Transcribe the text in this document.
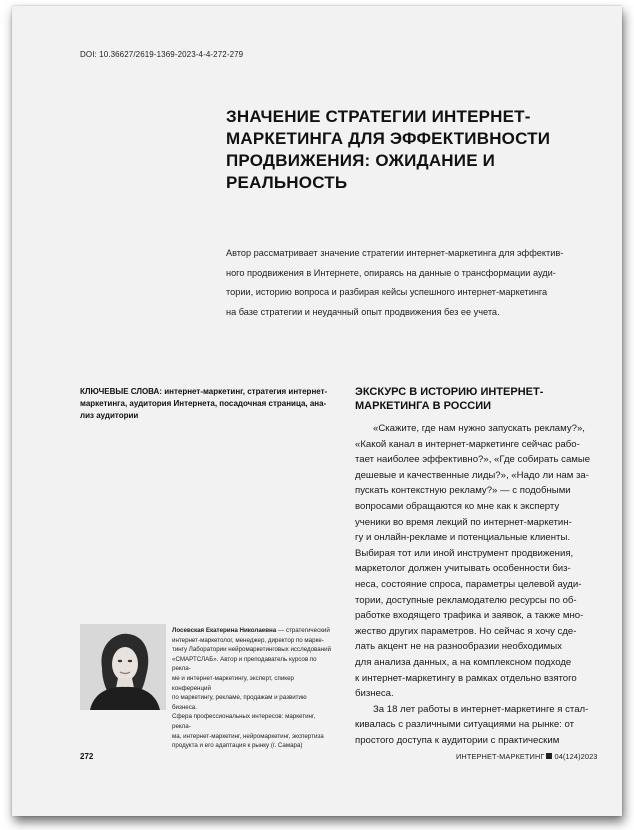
DOI: 10.36627/2619-1369-2023-4-4-272-279
ЗНАЧЕНИЕ СТРАТЕГИИ ИНТЕРНЕТ-
МАРКЕТИНГА ДЛЯ ЭФФЕКТИВНОСТИ
ПРОДВИЖЕНИЯ: ОЖИДАНИЕ И РЕАЛЬНОСТЬ
Автор рассматривает значение стратегии интернет-маркетинга для эффектив-
ного продвижения в Интернете, опираясь на данные о трансформации ауди-
тории, историю вопроса и разбирая кейсы успешного интернет-маркетинга
на базе стратегии и неудачный опыт продвижения без ее учета.
КЛЮЧЕВЫЕ СЛОВА: интернет-маркетинг, стратегия интернет-
маркетинга, аудитория Интернета, посадочная страница, ана-
лиз аудитории
ЭКСКУРС В ИСТОРИЮ ИНТЕРНЕТ-
МАРКЕТИНГА В РОССИИ

«Скажите, где нам нужно запускать рекламу?»,
«Какой канал в интернет-маркетинге сейчас рабо-
тает наиболее эффективно?», «Где собирать самые
дешевые и качественные лиды?», «Надо ли нам за-
пускать контекстную рекламу?» — с подобными
вопросами обращаются ко мне как к эксперту
ученики во время лекций по интернет-маркетин-
гу и онлайн-рекламе и потенциальные клиенты.
Выбирая тот или иной инструмент продвижения,
маркетолог должен учитывать особенности биз-
неса, состояние спроса, параметры целевой ауди-
тории, доступные рекламодателю ресурсы по об-
работке входящего трафика и заявок, а также мно-
жество других параметров. Но сейчас я хочу сде-
лать акцент не на разнообразии необходимых
для анализа данных, а на комплексном подходе
к интернет-маркетингу в рамках отдельно взятого
бизнеса.

За 18 лет работы в интернет-маркетинге я стал-
кивалась с различными ситуациями на рынке: от
простого доступа к аудитории с практическим

Лосевская Екатерина Николаевна — стратегический
интернет-маркетолог, менеджер, директор по марке-
тингу Лаборатории нейромаркетинговых исследований
«СМАРТСЛАБ». Автор и преподаватель курсов по рекла-
ме и интернет-маркетингу, эксперт, спикер конференций
по маркетингу, рекламе, продажам и развитию бизнеса.
Сфера профессиональных интересов: маркетинг, рекла-
ма, интернет-маркетинг, нейромаркетинг, экспертиза
продукта и его адаптация к рынку (г. Самара)
272	ИНТЕРНЕТ-МАРКЕТИНГ 04(124)2023
